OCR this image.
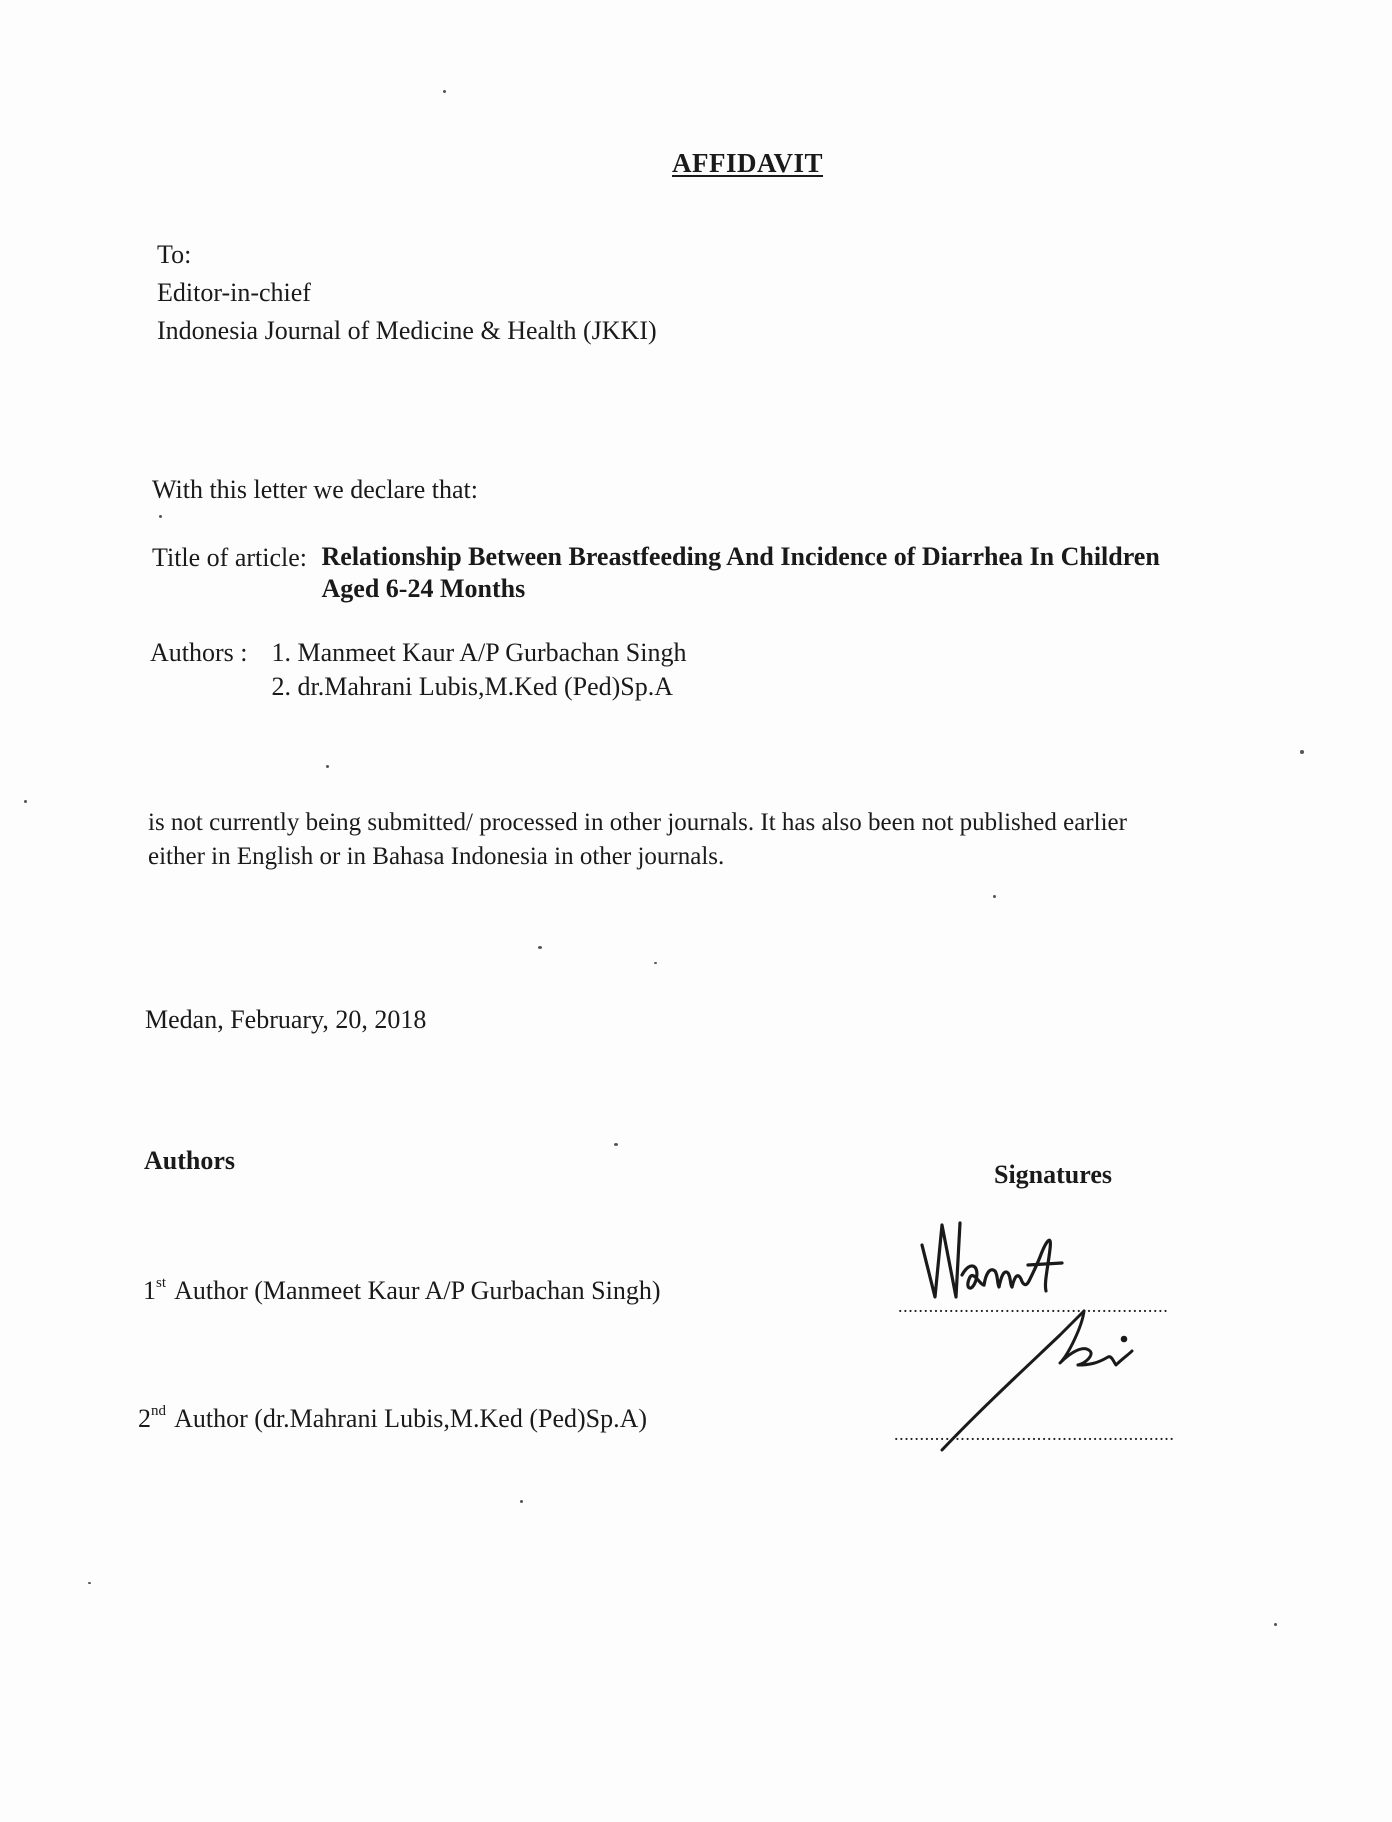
AFFIDAVIT
To:
Editor-in-chief
Indonesia Journal of Medicine & Health (JKKI)
With this letter we declare that:
Title of article: Relationship Between Breastfeeding And Incidence of Diarrhea In Children
Aged 6-24 Months
Authors : 1. Manmeet Kaur A/P Gurbachan Singh
2. dr.Mahrani Lubis,M.Ked (Ped)Sp.A
is not currently being submitted/ processed in other journals. It has also been not published earlier
either in English or in Bahasa Indonesia in other journals.
Medan, February, 20, 2018
Authors	Signatures
1st Author (Manmeet Kaur A/P Gurbachan Singh)
2nd Author (dr.Mahrani Lubis,M.Ked (Ped)Sp.A)
.....................................................
.......................................................
